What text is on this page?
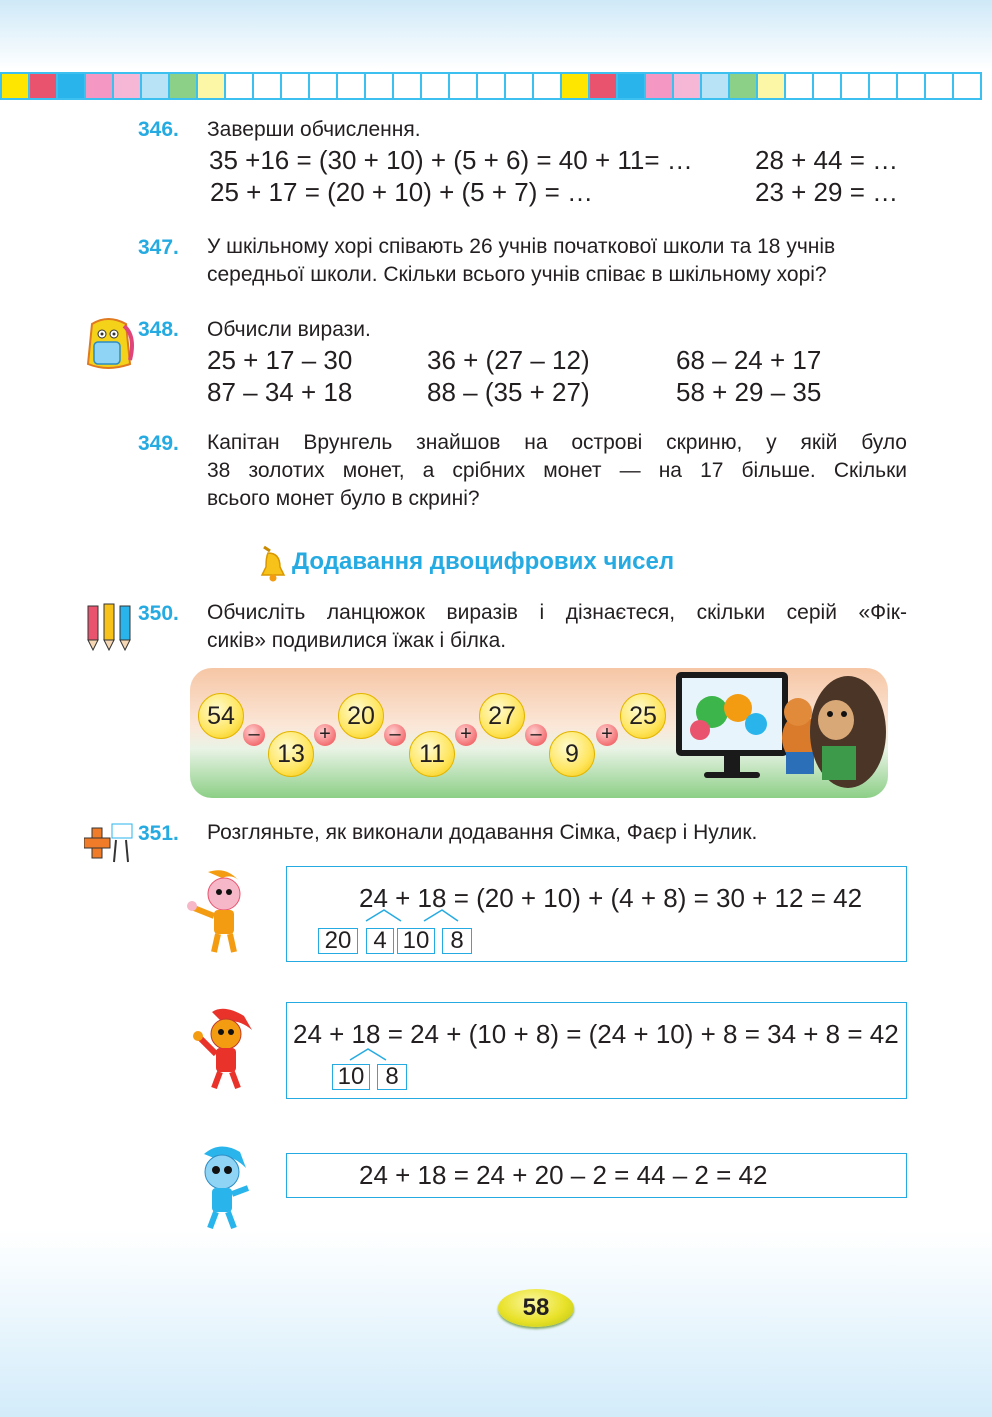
346. Заверши обчислення.
35 +16 = (30 + 10) + (5 + 6) = 40 + 11= … 28 + 44 = …
25 + 17 = (20 + 10) + (5 + 7) = …	23 + 29 = …
347. У шкільному хорі співають 26 учнів початкової школи та 18 учнів
середньої школи. Скільки всього учнів співає в шкільному хорі?
348. Обчисли вирази.
25 + 17 – 30	36 + (27 – 12)	68 – 24 + 17
87 – 34 + 18	88 – (35 + 27)	58 + 29 – 35
349. Капітан Врунгель знайшов на острові скриню, у якій було
38 золотих монет, а срібних монет — на 17 більше. Скільки
всього монет було в скрині?
Додавання двоцифрових чисел
350. Обчисліть ланцюжок виразів і дізнаєтеся, скільки серій «Фік-
сиків» подивилися їжак і білка.
54
–
13
+
20
–
11
+
27
–
9
+
25
351. Розгляньте, як виконали додавання Сімка, Фаєр і Нулик.
24 + 18 = (20 + 10) + (4 + 8) = 30 + 12 = 42
20 4 10 8
24 + 18 = 24 + (10 + 8) = (24 + 10) + 8 = 34 + 8 = 42
10 8
24 + 18 = 24 + 20 – 2 = 44 – 2 = 42
58
